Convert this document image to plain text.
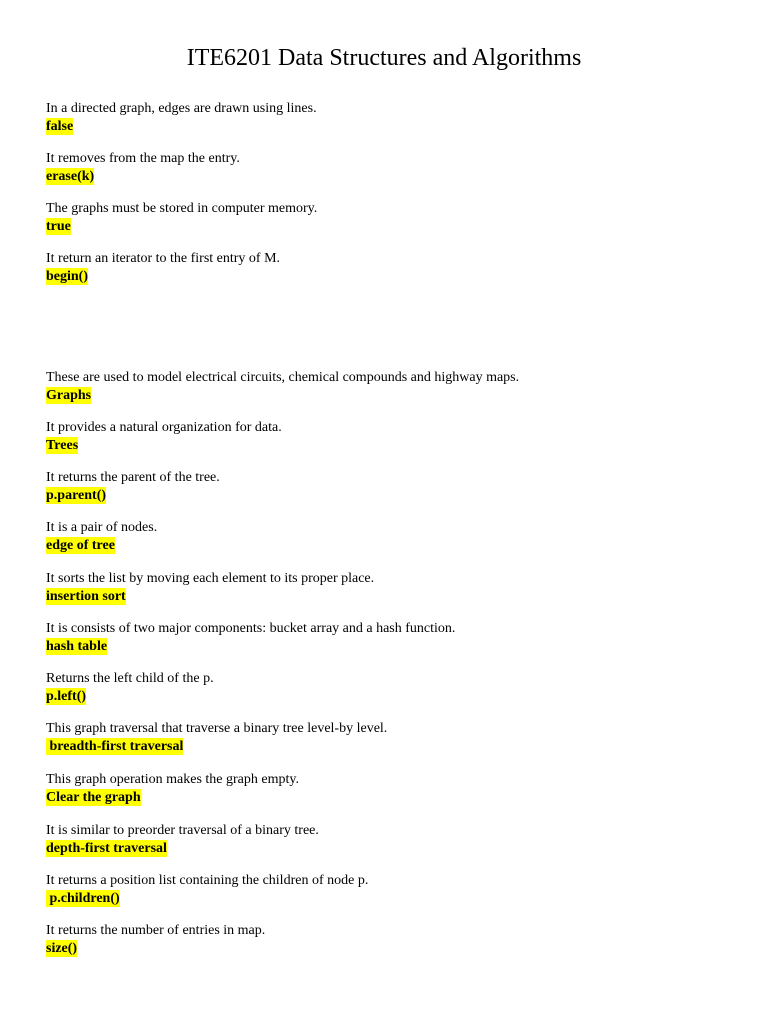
ITE6201 Data Structures and Algorithms
In a directed graph, edges are drawn using lines.
false
It removes from the map the entry.
erase(k)
The graphs must be stored in computer memory.
true
It return an iterator to the first entry of M.
begin()
These are used to model electrical circuits, chemical compounds and highway maps.
Graphs
It provides a natural organization for data.
Trees
It returns the parent of the tree.
p.parent()
It is a pair of nodes.
edge of tree
It sorts the list by moving each element to its proper place.
insertion sort
It is consists of two major components: bucket array and a hash function.
hash table
Returns the left child of the p.
p.left()
This graph traversal that traverse a binary tree level-by level.
breadth-first traversal
This graph operation makes the graph empty.
Clear the graph
It is similar to preorder traversal of a binary tree.
depth-first traversal
It returns a position list containing the children of node p.
p.children()
It returns the number of entries in map.
size()
